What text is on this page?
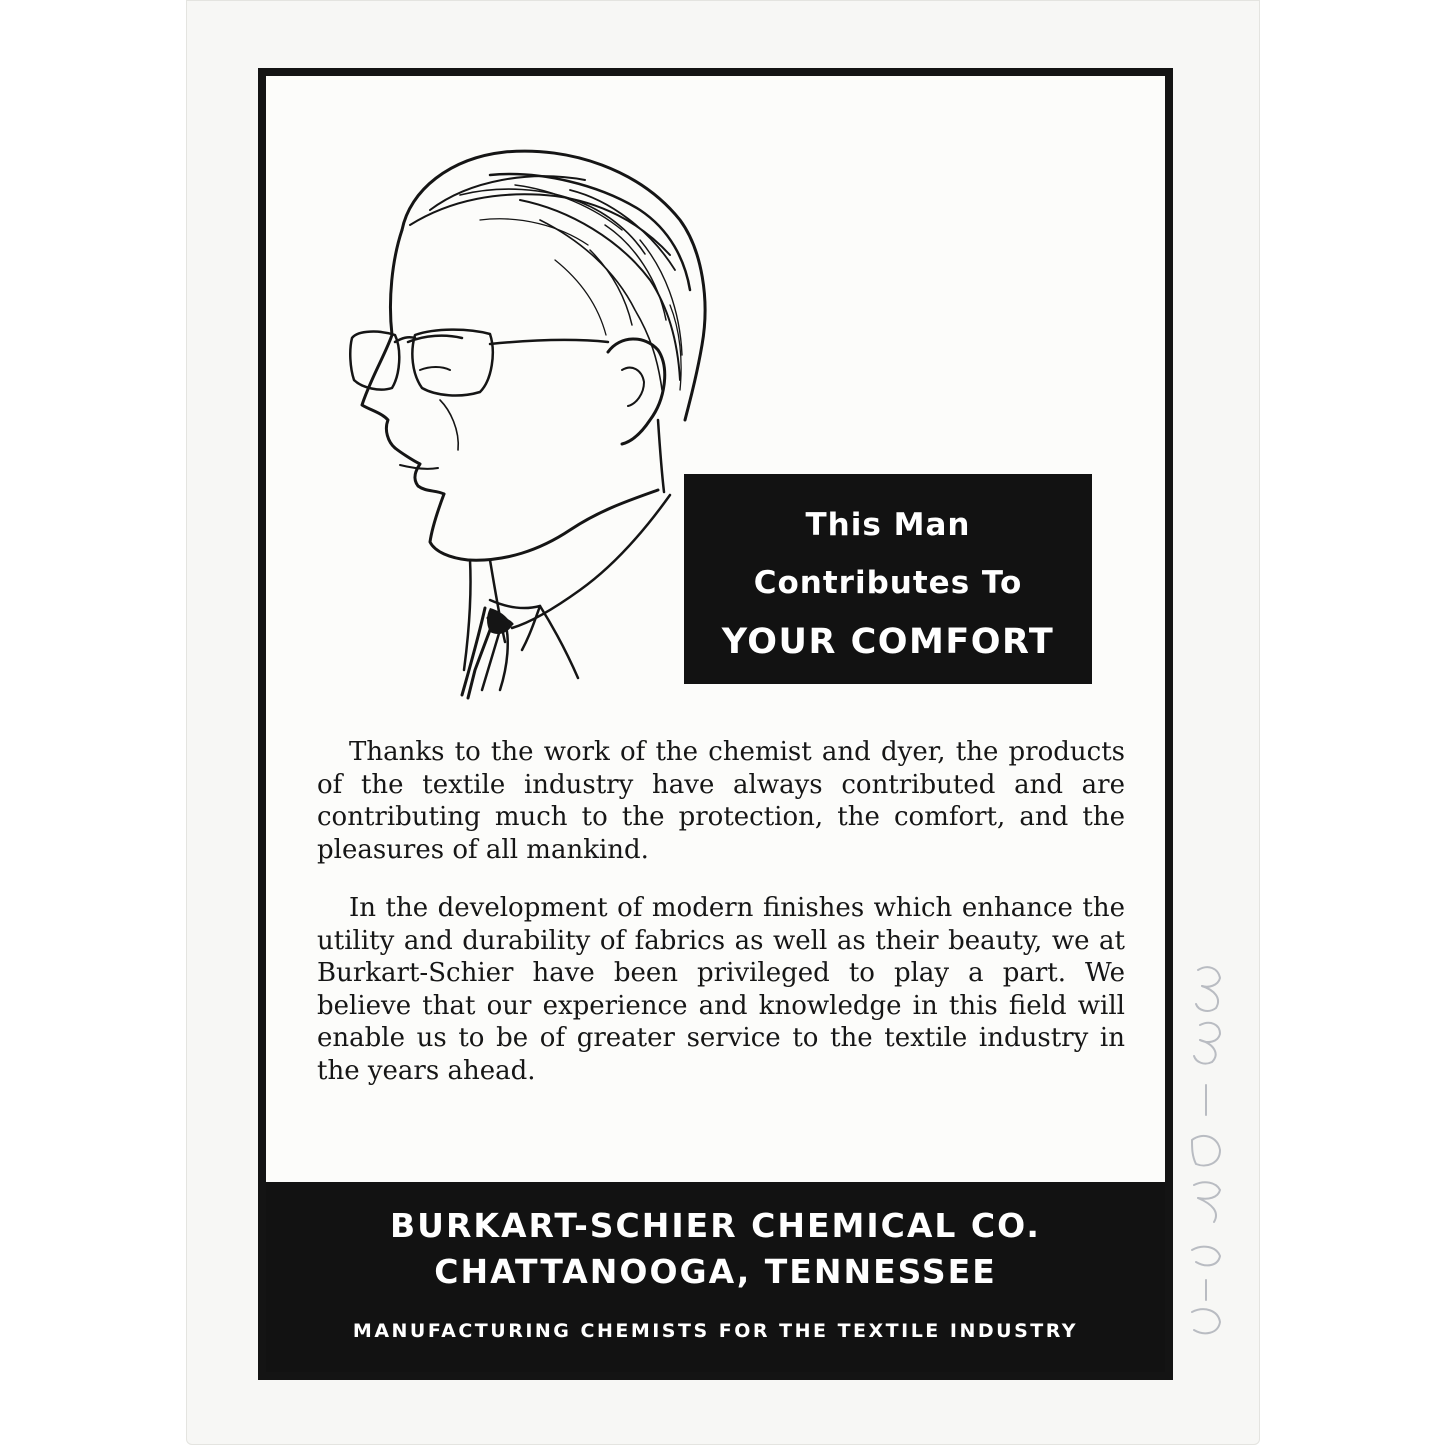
This Man
Contributes To
YOUR COMFORT

Thanks to the work of the chemist and dyer, the products of the textile industry have always contributed and are contributing much to the protection, the comfort, and the pleasures of all mankind.

In the development of modern finishes which enhance the utility and durability of fabrics as well as their beauty, we at Burkart-Schier have been privileged to play a part. We believe that our experience and knowledge in this field will enable us to be of greater service to the textile industry in the years ahead.

BURKART-SCHIER CHEMICAL CO.
CHATTANOOGA, TENNESSEE
MANUFACTURING CHEMISTS FOR THE TEXTILE INDUSTRY
